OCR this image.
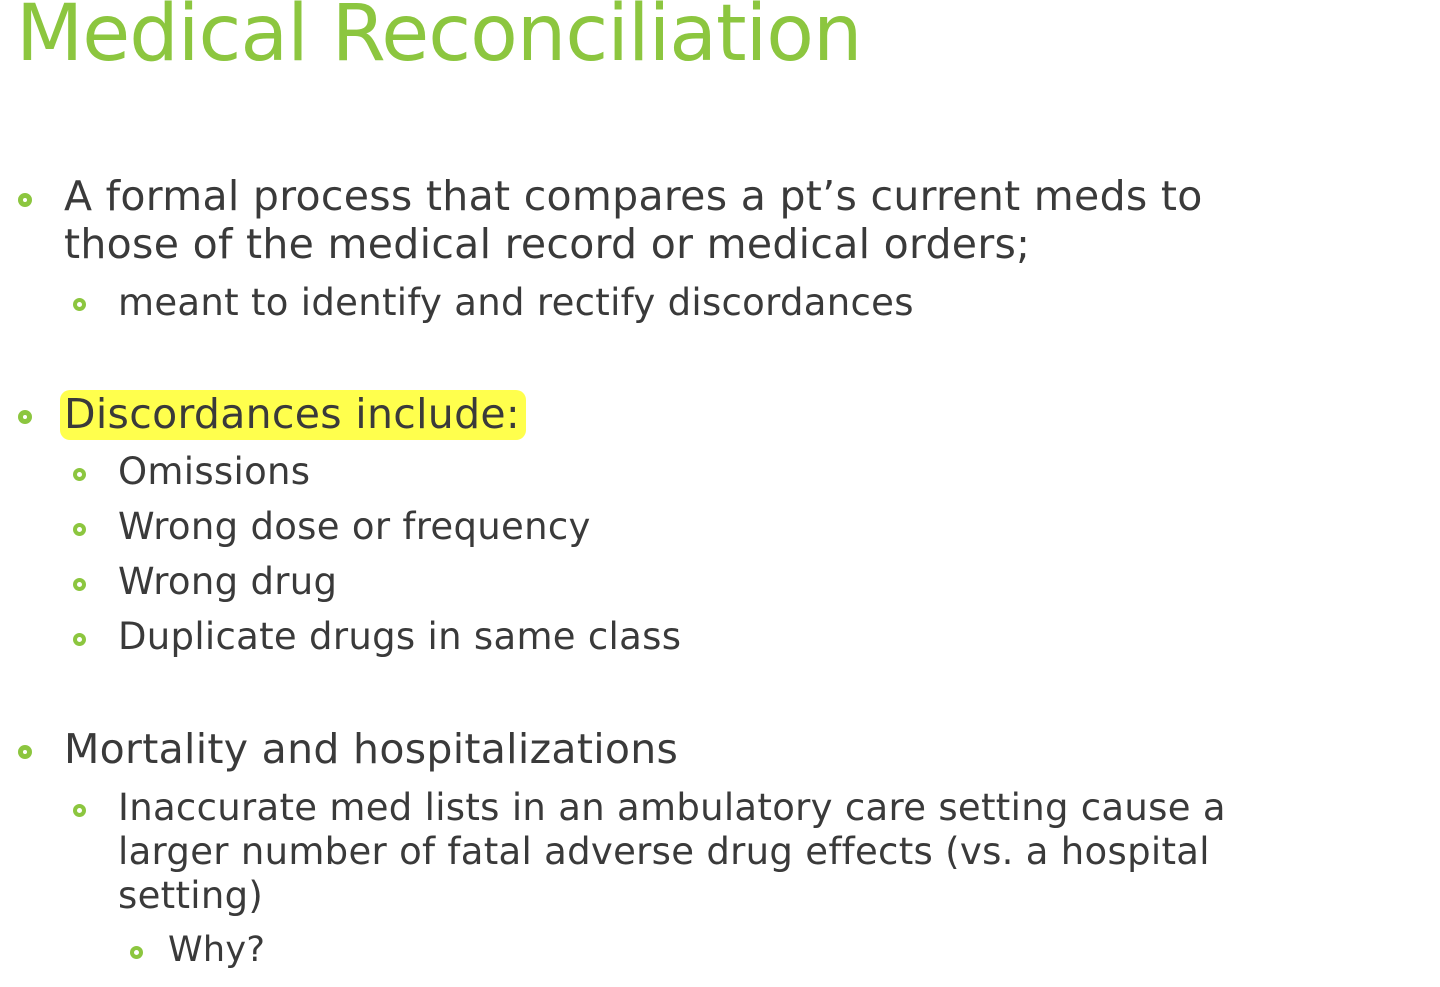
Medical Reconciliation
A formal process that compares a pt’s current meds to
those of the medical record or medical orders;
meant to identify and rectify discordances
Discordances include:
Omissions
Wrong dose or frequency
Wrong drug
Duplicate drugs in same class
Mortality and hospitalizations
Inaccurate med lists in an ambulatory care setting cause a
larger number of fatal adverse drug effects (vs. a hospital
setting)
Why?
